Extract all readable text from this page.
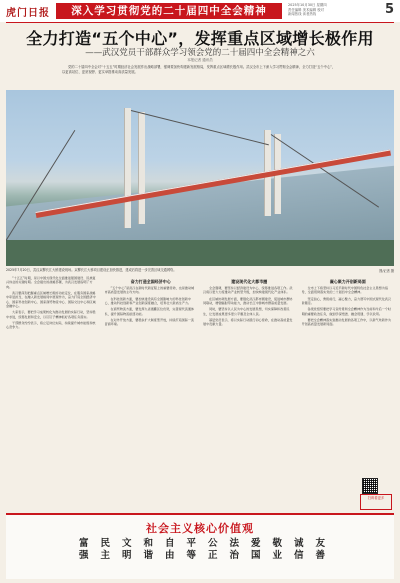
虎门日报	深入学习贯彻党的二十届四中全会精神	2025年10月30日 星期四
责任编辑 美术编辑 校对
新闻热线 读者热线	5
全力打造“五个中心”，发挥重点区域增长极作用
——武汉党员干部群众学习领会党的二十届四中全会精神之六
本报记者 通讯员
党的二十届四中全会对“十五五”时期经济社会发展作出战略部署，强调要加快构建新发展格局，发挥重点区域增长极作用。武汉全市上下深入学习贯彻全会精神，全力打造“五个中心”，以更高站位、更宽视野、更实举措推动高质量发展。
2025年7月20日，武汉双柳长江大桥建设现场。双柳长江大桥项目建设正加快推进，建成后将进一步完善区域交通网络。	图/记者 摄

“十五五”时期，是以中国式现代化全面推进强国建设、民族复兴伟业的关键时期。全会提出的战略部署，为武汉发展指明了方向。

武汉要深刻把握重点区域增长极的功能定位，在服务国家战略中彰显担当，在融入新发展格局中展现作为，奋力打造全国经济中心、国家科技创新中心、国家商贸物流中心、国际交往中心和区域金融中心。

大家表示，要把学习成果转化为推动发展的实际行动，坚持稳中求进，统筹发展和安全，以钉钉子精神抓好各项任务落实。

干部群众纷纷表示，将立足岗位实际，持续提升城市能级和核心竞争力。

奋力打造全国经济中心

“五个中心”是武汉在新时代新征程上的重要使命，也是推动城市高质量发展的主攻方向。

在科技创新方面，要加快建设具有全国影响力的科技创新中心，推动科技创新和产业创新深度融合，培育壮大新质生产力。

在商贸物流方面，要发挥九省通衢区位优势，完善现代流通体系，提升国际物流枢纽功能。

在对外开放方面，要稳步扩大制度型开放，持续打造国际一流营商环境。

建设现代化大都市圈

全会强调，要坚持以经济建设为中心，统筹推进各项工作。武汉将以更大力度推动产业转型升级，加快构建现代化产业体系。

在区域协调发展方面，要强化武汉都市圈建设，促进城市群协同联动，增强辐射带动能力，推动长江中游城市群高质量发展。

同时，要坚持以人民为中心的发展思想，切实保障和改善民生，让发展成果更多更公平惠及全体人民。

基层党员表示，将以实际行动践行初心使命，在推动高质量发展中贡献力量。

凝心聚力开创新局面

全市上下将坚持以习近平新时代中国特色社会主义思想为指导，全面贯彻落实党的二十届四中全会精神。

坚定信心，勇毅前行，凝心聚力，奋力谱写中国式现代化武汉新篇章。

各级党组织要把学习宣传贯彻全会精神作为当前和今后一个时期的重要政治任务，做到学深悟透、融会贯通、学以致用。

要把全会精神落实到推动发展的各项工作中，以新气象新作为开创高质量发展新局面。

扫码看更多
社会主义核心价值观
富
强
民
主
文
明
和
谐
自
由
平
等
公
正
法
治
爱
国
敬
业
诚
信
友
善
